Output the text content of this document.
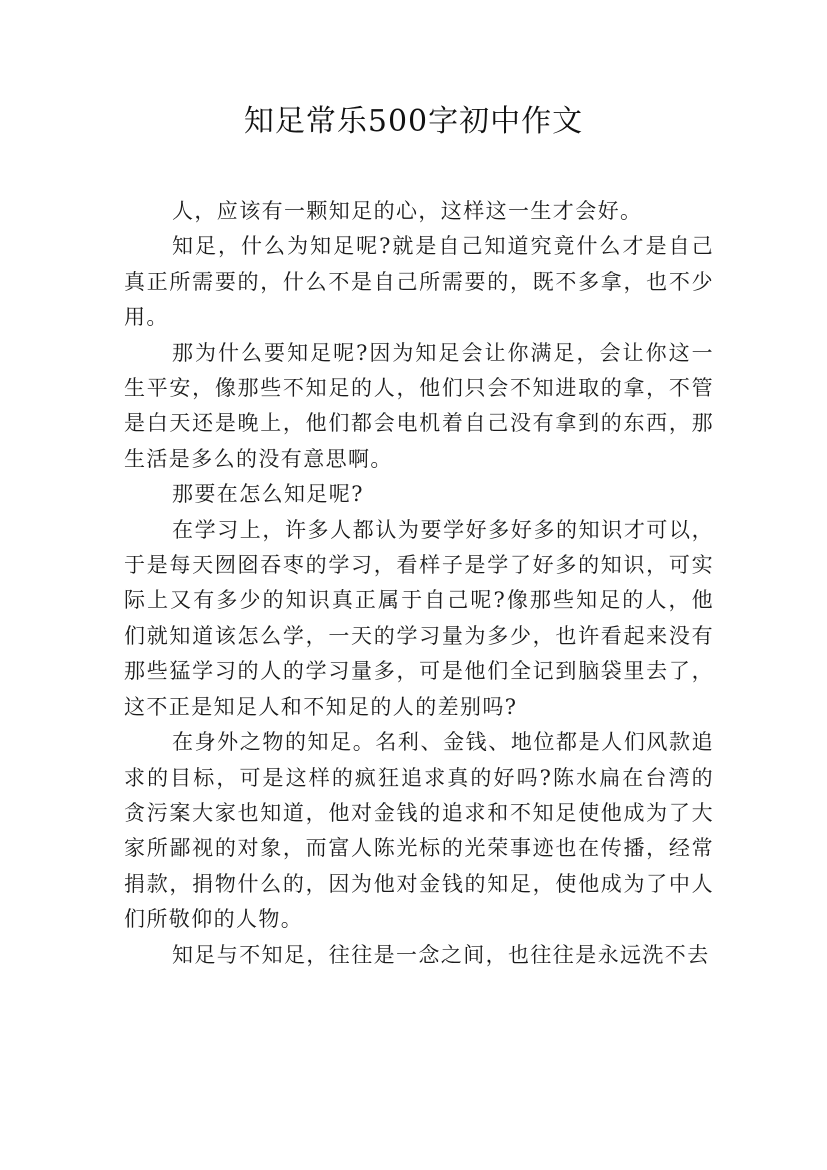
知足常乐500字初中作文

人，应该有一颗知足的心，这样这一生才会好。

知足，什么为知足呢?就是自己知道究竟什么才是自己真正所需要的，什么不是自己所需要的，既不多拿，也不少用。

那为什么要知足呢?因为知足会让你满足，会让你这一生平安，像那些不知足的人，他们只会不知进取的拿，不管是白天还是晚上，他们都会电机着自己没有拿到的东西，那生活是多么的没有意思啊。

那要在怎么知足呢?

在学习上，许多人都认为要学好多好多的知识才可以，于是每天囫囵吞枣的学习，看样子是学了好多的知识，可实际上又有多少的知识真正属于自己呢?像那些知足的人，他们就知道该怎么学，一天的学习量为多少，也许看起来没有那些猛学习的人的学习量多，可是他们全记到脑袋里去了，这不正是知足人和不知足的人的差别吗?

在身外之物的知足。名利、金钱、地位都是人们风款追求的目标，可是这样的疯狂追求真的好吗?陈水扁在台湾的贪污案大家也知道，他对金钱的追求和不知足使他成为了大家所鄙视的对象，而富人陈光标的光荣事迹也在传播，经常捐款，捐物什么的，因为他对金钱的知足，使他成为了中人们所敬仰的人物。

知足与不知足，往往是一念之间，也往往是永远洗不去
